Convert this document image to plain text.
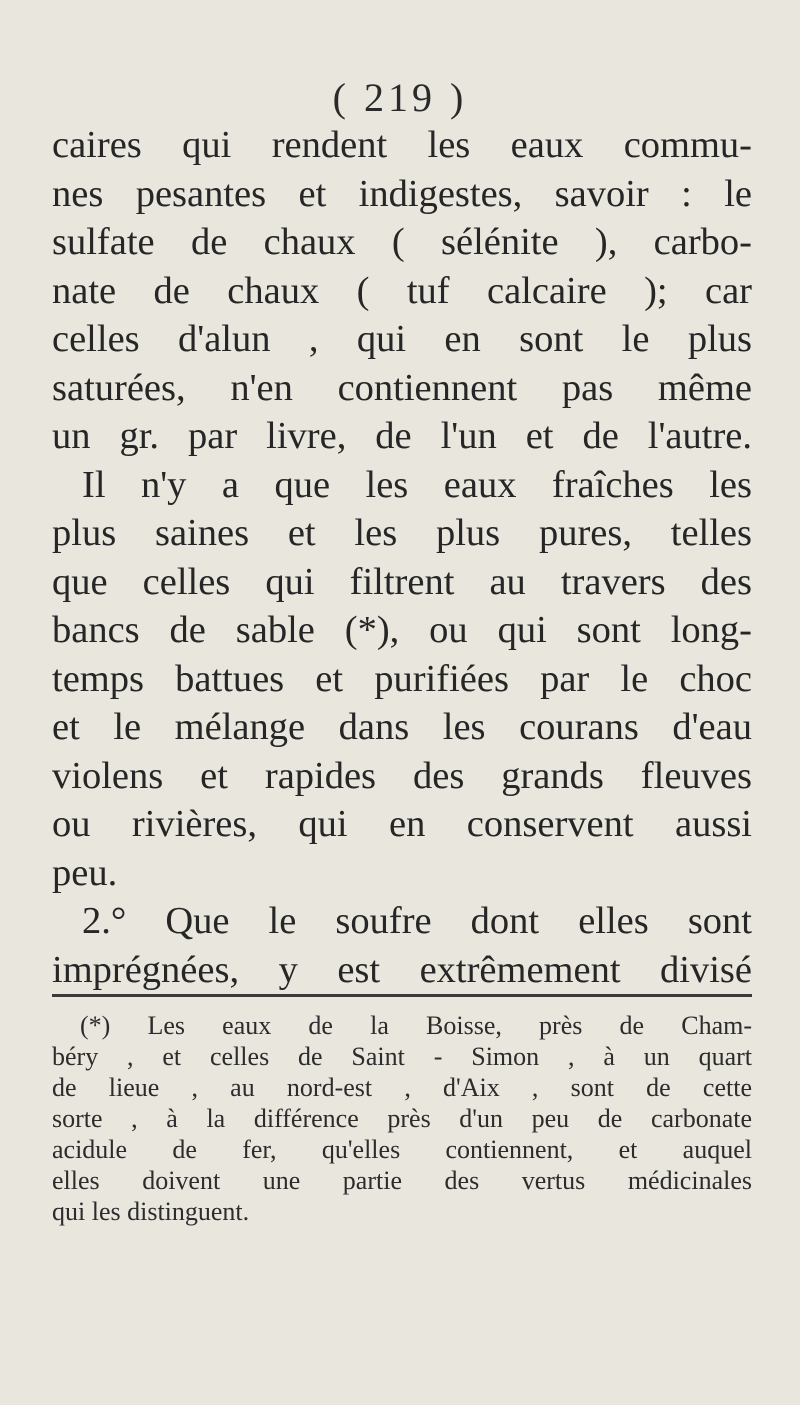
( 219 )
caires qui rendent les eaux commu-
nes pesantes et indigestes, savoir : le
sulfate de chaux ( sélénite ), carbo-
nate de chaux ( tuf calcaire ); car
celles d'alun , qui en sont le plus
saturées, n'en contiennent pas même
un gr. par livre, de l'un et de l'autre.
Il n'y a que les eaux fraîches les
plus saines et les plus pures, telles
que celles qui filtrent au travers des
bancs de sable (*), ou qui sont long-
temps battues et purifiées par le choc
et le mélange dans les courans d'eau
violens et rapides des grands fleuves
ou rivières, qui en conservent aussi
peu.
2.° Que le soufre dont elles sont
imprégnées, y est extrêmement divisé
(*) Les eaux de la Boisse, près de Cham-
béry , et celles de Saint - Simon , à un quart
de lieue , au nord-est , d'Aix , sont de cette
sorte , à la différence près d'un peu de carbonate
acidule de fer, qu'elles contiennent, et auquel
elles doivent une partie des vertus médicinales
qui les distinguent.
